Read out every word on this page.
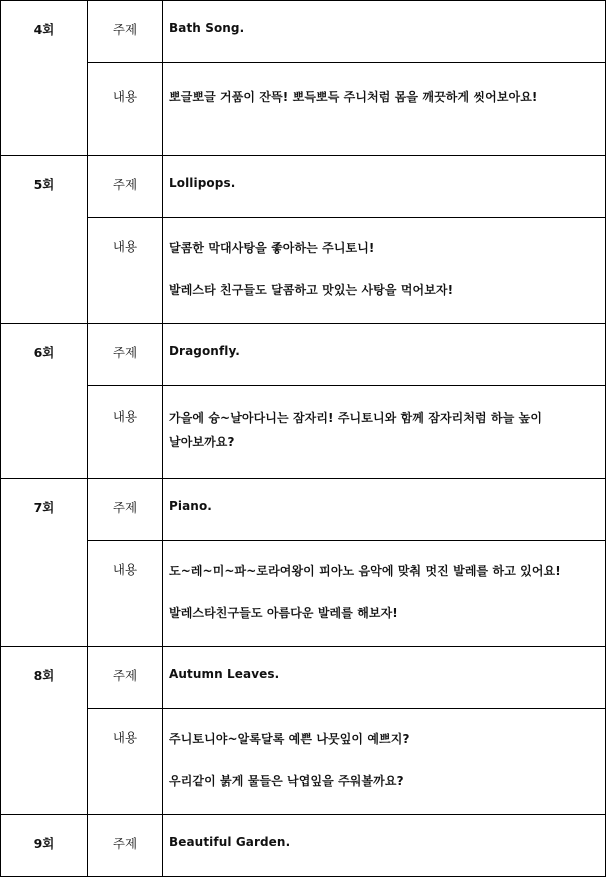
4회	주제	Bath Song.

	내용	뽀글뽀글 거품이 잔뜩! 뽀득뽀득 주니처럼 몸을 깨끗하게 씻어보아요!

5회	주제	Lollipops.

	내용	달콤한 막대사탕을 좋아하는 주니토니!

발레스타 친구들도 달콤하고 맛있는 사탕을 먹어보자!

6회	주제	Dragonfly.

	내용	가을에 슝~날아다니는 잠자리! 주니토니와 함께 잠자리처럼 하늘 높이

날아보까요?

7회	주제	Piano.

	내용	도~레~미~파~로라여왕이 피아노 음악에 맞춰 멋진 발레를 하고 있어요!

발레스타친구들도 아름다운 발레를 해보자!

8회	주제	Autumn Leaves.

	내용	주니토니야~알록달록 예쁜 나뭇잎이 예쁘지?

우리같이 붉게 물들은 낙엽잎을 주워볼까요?

9회	주제	Beautiful Garden.
